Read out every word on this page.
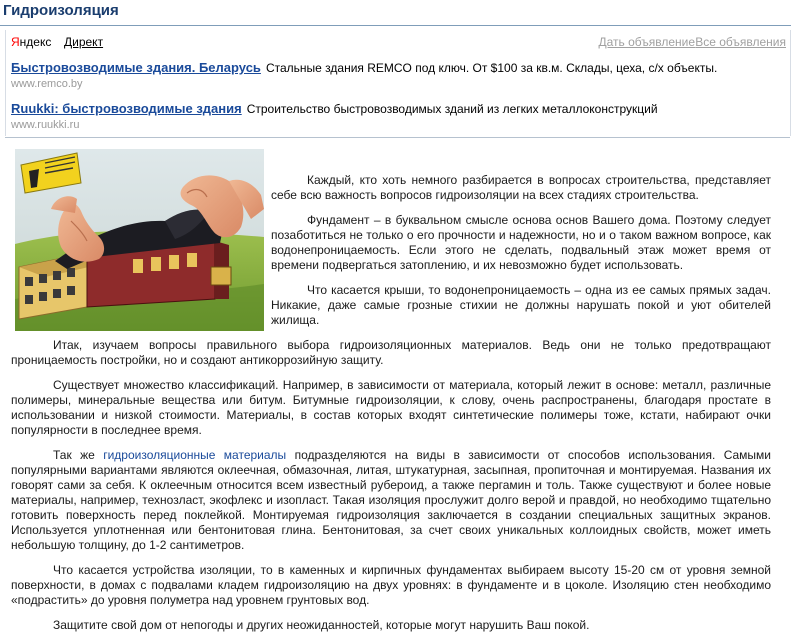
Гидроизоляция
Яндекс Директ	Дать объявление Все объявления
Быстровозводимые здания. Беларусь Стальные здания REMCO под ключ. От $100 за кв.м. Склады, цеха, с/х объекты.
www.remco.by
Ruukki: быстровозводимые здания Строительство быстровозводимых зданий из легких металлоконструкций
www.ruukki.ru

Каждый, кто хоть немного разбирается в вопросах строительства, представляет себе всю важность вопросов гидроизоляции на всех стадиях строительства.

Фундамент – в буквальном смысле основа основ Вашего дома. Поэтому следует позаботиться не только о его прочности и надежности, но и о таком важном вопросе, как водонепроницаемость. Если этого не сделать, подвальный этаж может время от времени подвергаться затоплению, и их невозможно будет использовать.

Что касается крыши, то водонепроницаемость – одна из ее самых прямых задач. Никакие, даже самые грозные стихии не должны нарушать покой и уют обителей жилища.

Итак, изучаем вопросы правильного выбора гидроизоляционных материалов. Ведь они не только предотвращают проницаемость постройки, но и создают антикоррозийную защиту.

Существует множество классификаций. Например, в зависимости от материала, который лежит в основе: металл, различные полимеры, минеральные вещества или битум. Битумные гидроизоляции, к слову, очень распространены, благодаря простате в использовании и низкой стоимости. Материалы, в состав которых входят синтетические полимеры тоже, кстати, набирают очки популярности в последнее время.

Так же гидроизоляционные материалы подразделяются на виды в зависимости от способов использования. Самыми популярными вариантами являются оклеечная, обмазочная, литая, штукатурная, засыпная, пропиточная и монтируемая. Названия их говорят сами за себя. К оклеечным относится всем известный рубероид, а также пергамин и толь. Также существуют и более новые материалы, например, технозласт, экофлекс и изопласт. Такая изоляция прослужит долго верой и правдой, но необходимо тщательно готовить поверхность перед поклейкой. Монтируемая гидроизоляция заключается в создании специальных защитных экранов. Используется уплотненная или бентонитовая глина. Бентонитовая, за счет своих уникальных коллоидных свойств, может иметь небольшую толщину, до 1-2 сантиметров.

Что касается устройства изоляции, то в каменных и кирпичных фундаментах выбираем высоту 15-20 см от уровня земной поверхности, в домах с подвалами кладем гидроизоляцию на двух уровнях: в фундаменте и в цоколе. Изоляцию стен необходимо «подрастить» до уровня полуметра над уровнем грунтовых вод.

Защитите свой дом от непогоды и других неожиданностей, которые могут нарушить Ваш покой.
